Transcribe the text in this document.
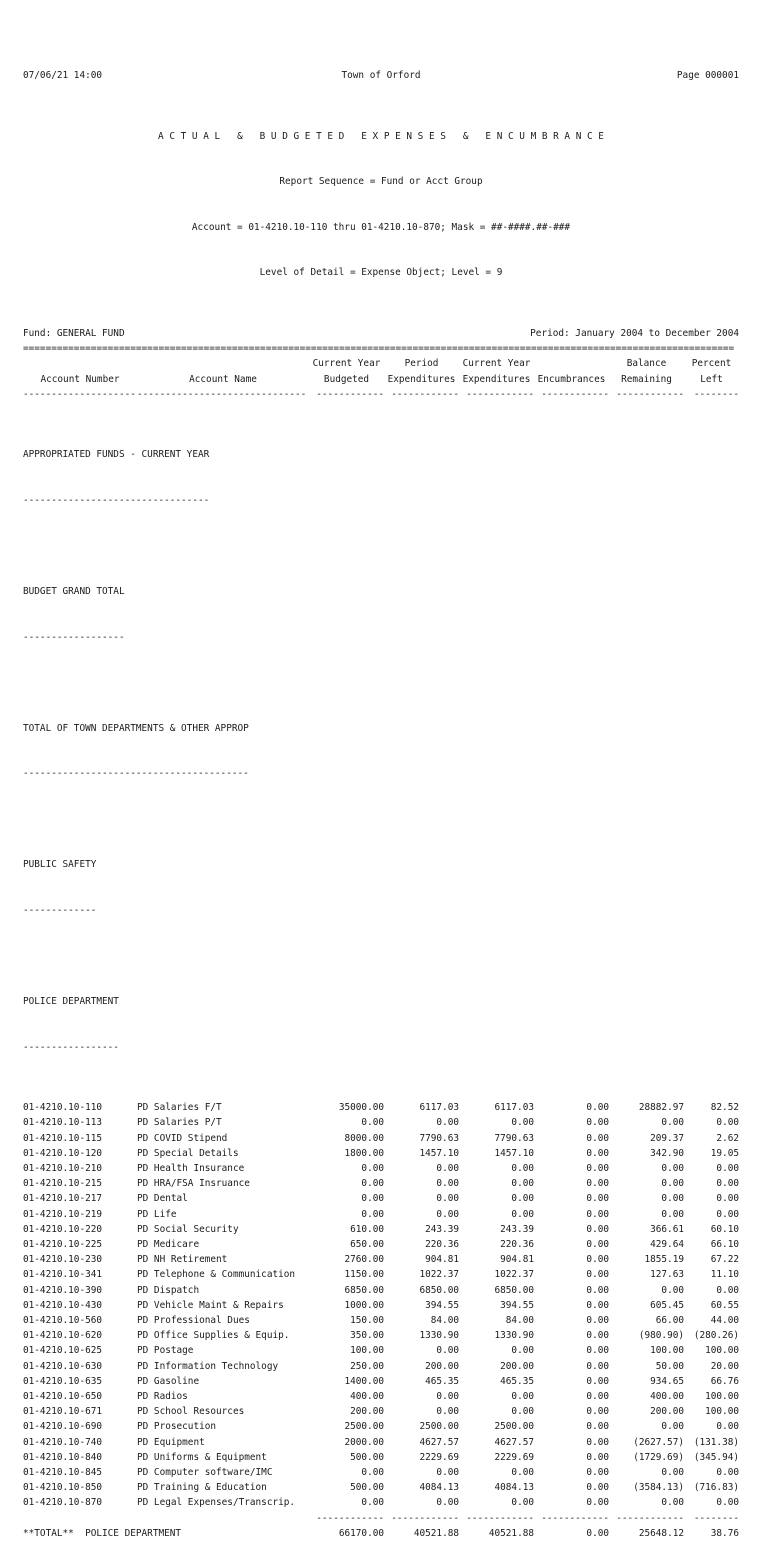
07/06/21 14:00	Town of Orford	Page 000001

A C T U A L   &   B U D G E T E D   E X P E N S E S   &   E N C U M B R A N C E

Report Sequence = Fund or Acct Group

Account = 01-4210.10-110 thru 01-4210.10-870; Mask = ##-####.##-###

Level of Detail = Expense Object; Level = 9

Fund: GENERAL FUND	Period: January 2004 to December 2004
==============================================================================================================================
		Current Year	Period	Current Year		Balance	Percent
Account Number	Account Name	Budgeted	Expenditures	Expenditures	Encumbrances	Remaining	Left
--------------------	------------------------------	------------	------------	------------	------------	------------	--------

APPROPRIATED FUNDS - CURRENT YEAR

---------------------------------

BUDGET GRAND TOTAL

------------------

TOTAL OF TOWN DEPARTMENTS & OTHER APPROP

----------------------------------------

PUBLIC SAFETY

-------------

POLICE DEPARTMENT

-----------------

01-4210.10-110	PD Salaries F/T	35000.00	6117.03	6117.03	0.00	28882.97	82.52
01-4210.10-113	PD Salaries P/T	0.00	0.00	0.00	0.00	0.00	0.00
01-4210.10-115	PD COVID Stipend	8000.00	7790.63	7790.63	0.00	209.37	2.62
01-4210.10-120	PD Special Details	1800.00	1457.10	1457.10	0.00	342.90	19.05
01-4210.10-210	PD Health Insurance	0.00	0.00	0.00	0.00	0.00	0.00
01-4210.10-215	PD HRA/FSA Insruance	0.00	0.00	0.00	0.00	0.00	0.00
01-4210.10-217	PD Dental	0.00	0.00	0.00	0.00	0.00	0.00
01-4210.10-219	PD Life	0.00	0.00	0.00	0.00	0.00	0.00
01-4210.10-220	PD Social Security	610.00	243.39	243.39	0.00	366.61	60.10
01-4210.10-225	PD Medicare	650.00	220.36	220.36	0.00	429.64	66.10
01-4210.10-230	PD NH Retirement	2760.00	904.81	904.81	0.00	1855.19	67.22
01-4210.10-341	PD Telephone & Communication	1150.00	1022.37	1022.37	0.00	127.63	11.10
01-4210.10-390	PD Dispatch	6850.00	6850.00	6850.00	0.00	0.00	0.00
01-4210.10-430	PD Vehicle Maint & Repairs	1000.00	394.55	394.55	0.00	605.45	60.55
01-4210.10-560	PD Professional Dues	150.00	84.00	84.00	0.00	66.00	44.00
01-4210.10-620	PD Office Supplies & Equip.	350.00	1330.90	1330.90	0.00	(980.90)	(280.26)
01-4210.10-625	PD Postage	100.00	0.00	0.00	0.00	100.00	100.00
01-4210.10-630	PD Information Technology	250.00	200.00	200.00	0.00	50.00	20.00
01-4210.10-635	PD Gasoline	1400.00	465.35	465.35	0.00	934.65	66.76
01-4210.10-650	PD Radios	400.00	0.00	0.00	0.00	400.00	100.00
01-4210.10-671	PD School Resources	200.00	0.00	0.00	0.00	200.00	100.00
01-4210.10-690	PD Prosecution	2500.00	2500.00	2500.00	0.00	0.00	0.00
01-4210.10-740	PD Equipment	2000.00	4627.57	4627.57	0.00	(2627.57)	(131.38)
01-4210.10-840	PD Uniforms & Equipment	500.00	2229.69	2229.69	0.00	(1729.69)	(345.94)
01-4210.10-845	PD Computer software/IMC	0.00	0.00	0.00	0.00	0.00	0.00
01-4210.10-850	PD Training & Education	500.00	4084.13	4084.13	0.00	(3584.13)	(716.83)
01-4210.10-870	PD Legal Expenses/Transcrip.	0.00	0.00	0.00	0.00	0.00	0.00
		------------	------------	------------	------------	------------	--------
**TOTAL**  POLICE DEPARTMENT		66170.00	40521.88	40521.88	0.00	25648.12	38.76
